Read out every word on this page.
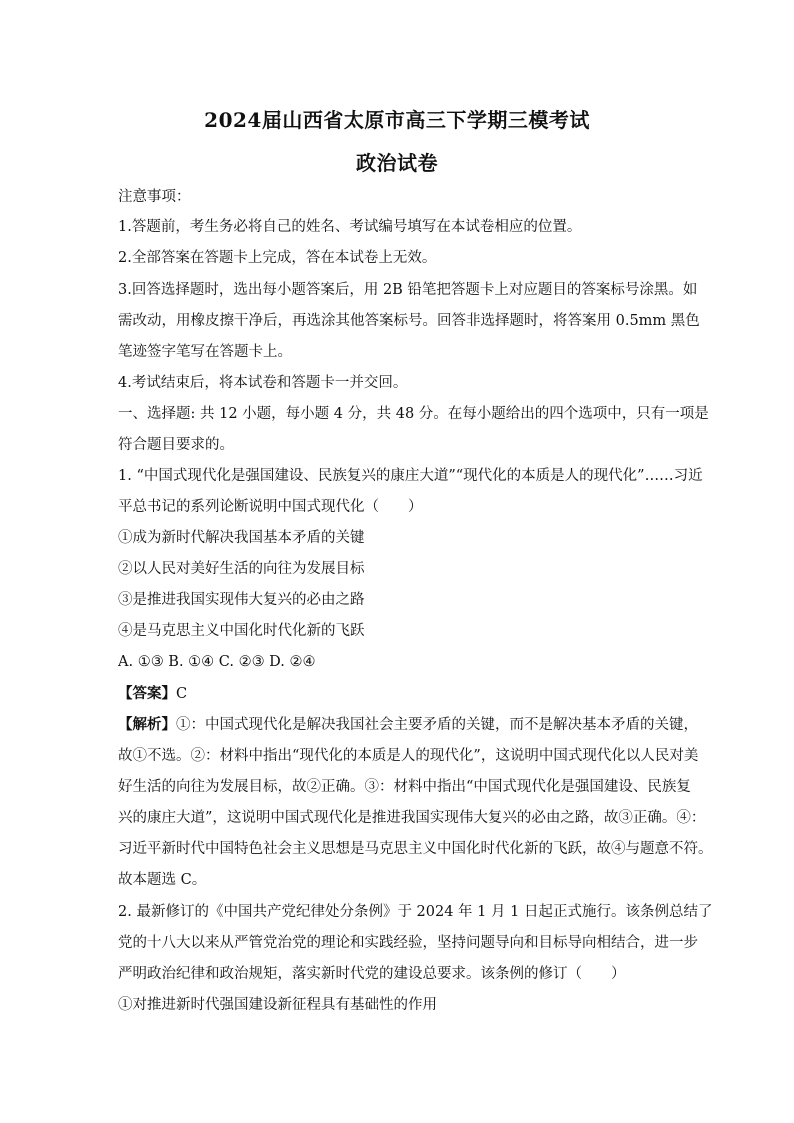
2024届山西省太原市高三下学期三模考试
政治试卷
注意事项：
1.答题前，考生务必将自己的姓名、考试编号填写在本试卷相应的位置。
2.全部答案在答题卡上完成，答在本试卷上无效。
3.回答选择题时，选出每小题答案后，用 2B 铅笔把答题卡上对应题目的答案标号涂黑。如
需改动，用橡皮擦干净后，再选涂其他答案标号。回答非选择题时，将答案用 0.5mm 黑色
笔迹签字笔写在答题卡上。
4.考试结束后，将本试卷和答题卡一并交回。
一、选择题: 共 12 小题，每小题 4 分，共 48 分。在每小题给出的四个选项中，只有一项是
符合题目要求的。
1. “中国式现代化是强国建设、民族复兴的康庄大道”“现代化的本质是人的现代化”……习近
平总书记的系列论断说明中国式现代化（　　）
①成为新时代解决我国基本矛盾的关键
②以人民对美好生活的向往为发展目标
③是推进我国实现伟大复兴的必由之路
④是马克思主义中国化时代化新的飞跃
A. ①③ B. ①④ C. ②③ D. ②④
【答案】C
【解析】①：中国式现代化是解决我国社会主要矛盾的关键，而不是解决基本矛盾的关键，
故①不选。②：材料中指出“现代化的本质是人的现代化”，这说明中国式现代化以人民对美
好生活的向往为发展目标，故②正确。③：材料中指出“中国式现代化是强国建设、民族复
兴的康庄大道”，这说明中国式现代化是推进我国实现伟大复兴的必由之路，故③正确。④：
习近平新时代中国特色社会主义思想是马克思主义中国化时代化新的飞跃，故④与题意不符。
故本题选 C。
2. 最新修订的《中国共产党纪律处分条例》于 2024 年 1 月 1 日起正式施行。该条例总结了
党的十八大以来从严管党治党的理论和实践经验，坚持问题导向和目标导向相结合，进一步
严明政治纪律和政治规矩，落实新时代党的建设总要求。该条例的修订（　　）
①对推进新时代强国建设新征程具有基础性的作用
